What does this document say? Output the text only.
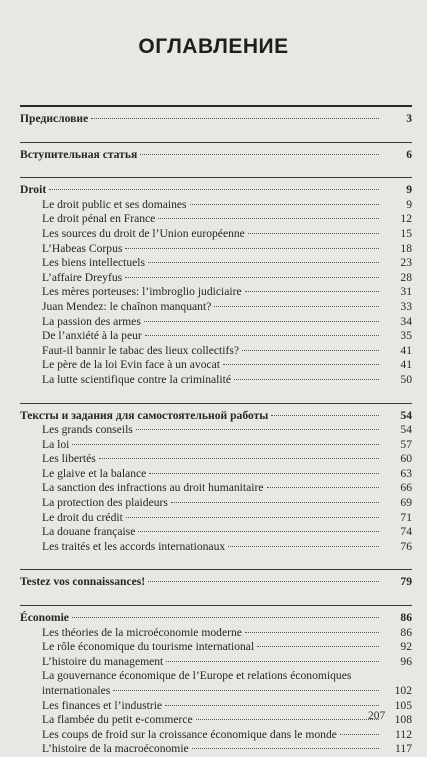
ОГЛАВЛЕНИЕ
Предисловие	3
Вступительная статья	6
Droit	9
Le droit public et ses domaines	9
Le droit pénal en France	12
Les sources du droit de l’Union européenne	15
L’Habeas Corpus	18
Les biens intellectuels	23
L’affaire Dreyfus	28
Les mères porteuses: l’imbroglio judiciaire	31
Juan Mendez: le chaînon manquant?	33
La passion des armes	34
De l’anxiété à la peur	35
Faut-il bannir le tabac des lieux collectifs?	41
Le père de la loi Evin face à un avocat	41
La lutte scientifique contre la criminalité	50
Тексты и задания для самостоятельной работы	54
Les grands conseils	54
La loi	57
Les libertés	60
Le glaive et la balance	63
La sanction des infractions au droit humanitaire	66
La protection des plaideurs	69
Le droit du crédit	71
La douane française	74
Les traités et les accords internationaux	76
Testez vos connaissances!	79
Économie	86
Les théories de la microéconomie moderne	86
Le rôle économique du tourisme international	92
L’histoire du management	96
La gouvernance économique de l’Europe et relations économiques
internationales	102
Les finances et l’industrie	105
La flambée du petit e-commerce	108
Les coups de froid sur la croissance économique dans le monde	112
L’histoire de la macroéconomie	117
207
